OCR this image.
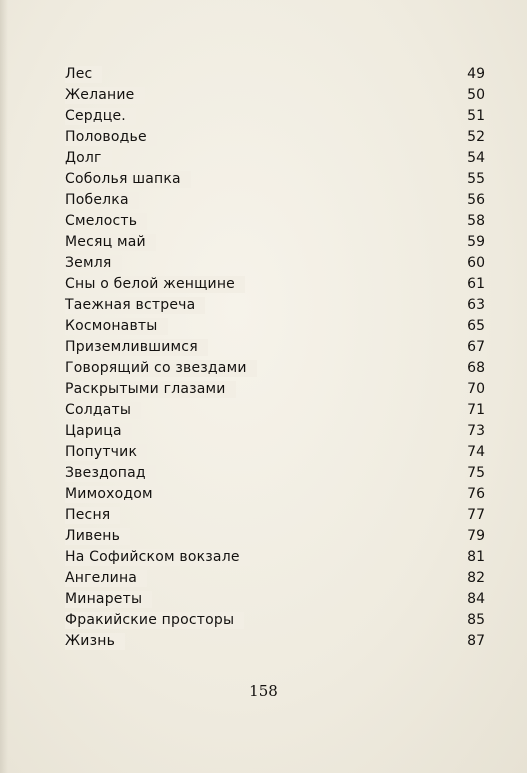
Лес	49
Желание	50
Сердце.	51
Половодье	52
Долг	54
Соболья шапка	55
Побелка	56
Смелость	58
Месяц май	59
Земля	60
Сны о белой женщине	61
Таежная встреча	63
Космонавты	65
Приземлившимся	67
Говорящий со звездами	68
Раскрытыми глазами	70
Солдаты	71
Царица	73
Попутчик	74
Звездопад	75
Мимоходом	76
Песня	77
Ливень	79
На Софийском вокзале	81
Ангелина	82
Минареты	84
Фракийские просторы	85
Жизнь	87
158
